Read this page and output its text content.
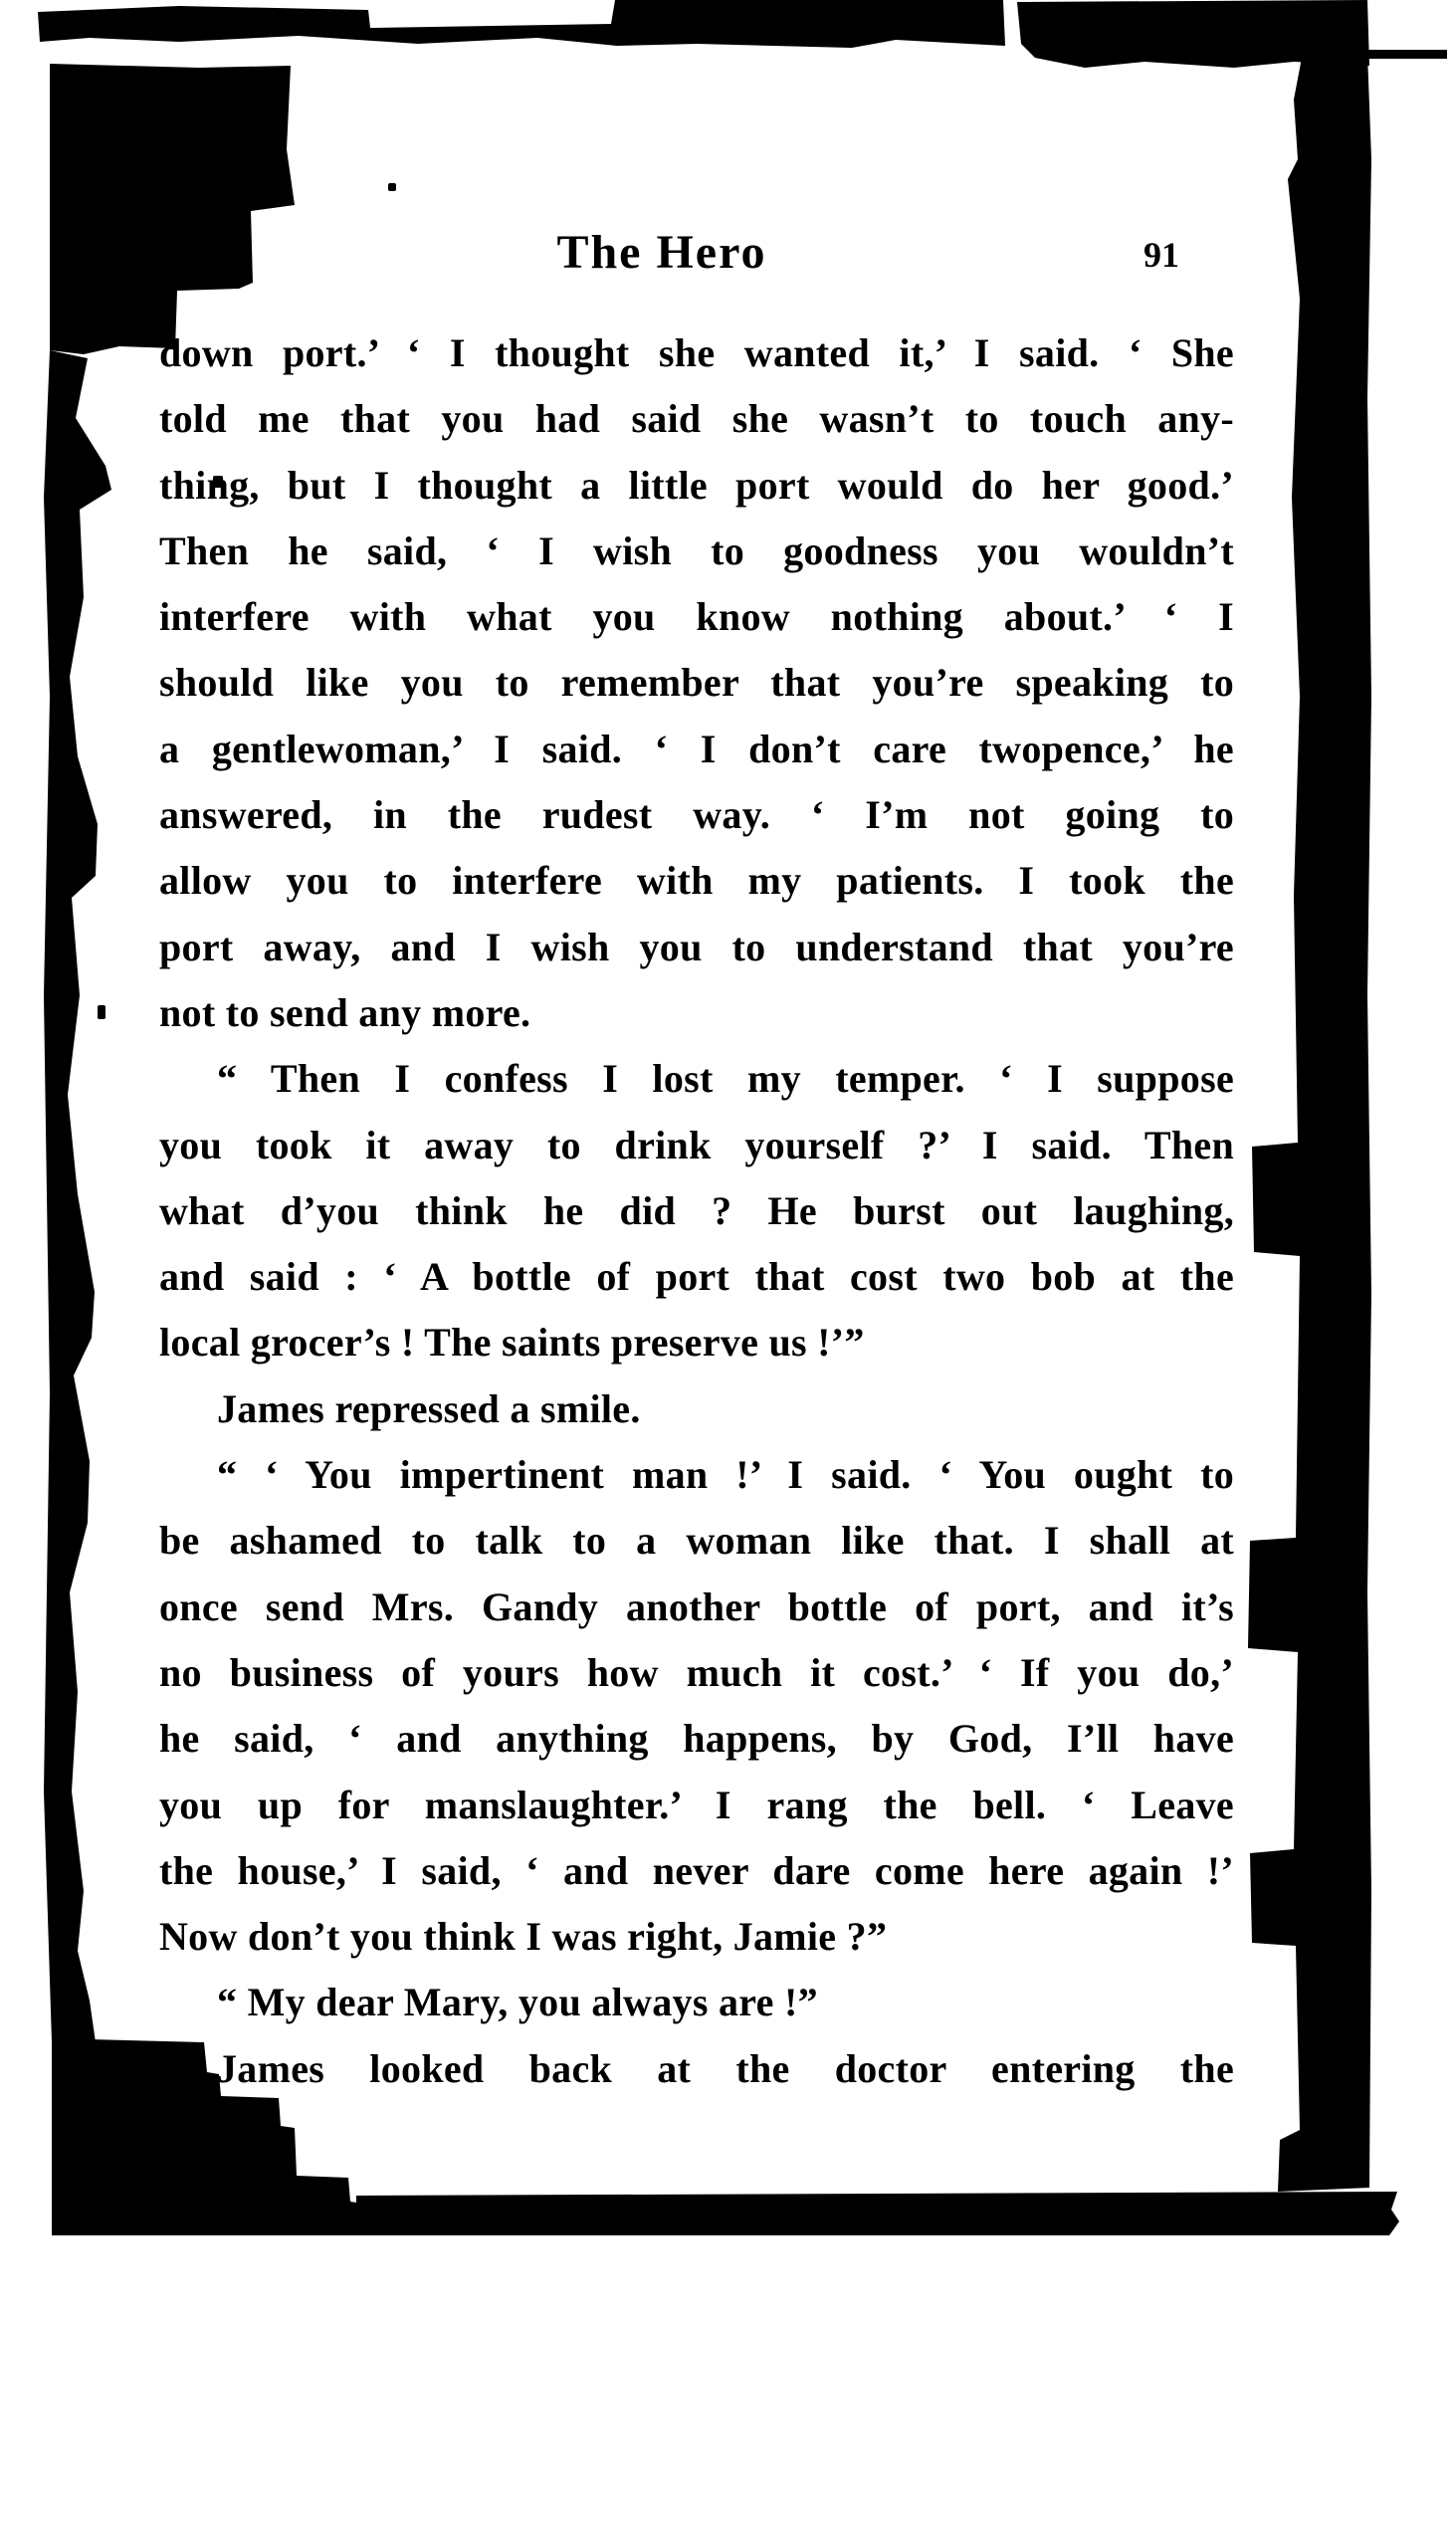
The Hero	91
down port.’ ‘ I thought she wanted it,’ I said. ‘ She
told me that you had said she wasn’t to touch any-
thing, but I thought a little port would do her good.’
Then he said, ‘ I wish to goodness you wouldn’t
interfere with what you know nothing about.’ ‘ I
should like you to remember that you’re speaking to
a gentlewoman,’ I said. ‘ I don’t care twopence,’ he
answered, in the rudest way. ‘ I’m not going to
allow you to interfere with my patients. I took the
port away, and I wish you to understand that you’re
not to send any more.
“ Then I confess I lost my temper. ‘ I suppose
you took it away to drink yourself ?’ I said. Then
what d’you think he did ? He burst out laughing,
and said : ‘ A bottle of port that cost two bob at the
local grocer’s ! The saints preserve us !’”
James repressed a smile.
“ ‘ You impertinent man !’ I said. ‘ You ought to
be ashamed to talk to a woman like that. I shall at
once send Mrs. Gandy another bottle of port, and it’s
no business of yours how much it cost.’ ‘ If you do,’
he said, ‘ and anything happens, by God, I’ll have
you up for manslaughter.’ I rang the bell. ‘ Leave
the house,’ I said, ‘ and never dare come here again !’
Now don’t you think I was right, Jamie ?”
“ My dear Mary, you always are !”
James looked back at the doctor entering the
